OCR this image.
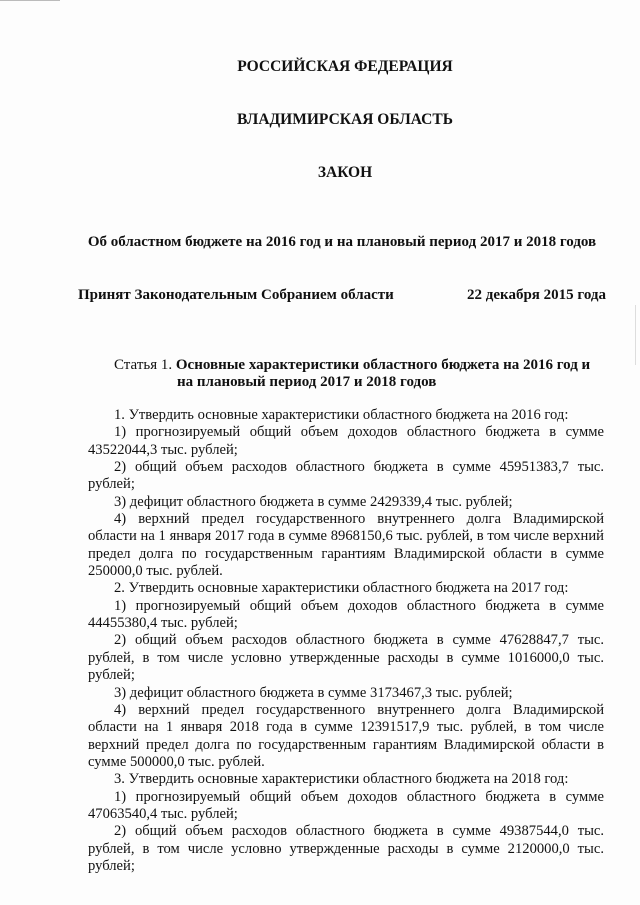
РОССИЙСКАЯ ФЕДЕРАЦИЯ
ВЛАДИМИРСКАЯ ОБЛАСТЬ
ЗАКОН
Об областном бюджете на 2016 год и на плановый период 2017 и 2018 годов
Принят Законодательным Собранием области	22 декабря 2015 года
Статья 1. Основные характеристики областного бюджета на 2016 год и
на плановый период 2017 и 2018 годов

1. Утвердить основные характеристики областного бюджета на 2016 год:

1) прогнозируемый общий объем доходов областного бюджета в сумме 43522044,3 тыс. рублей;

2) общий объем расходов областного бюджета в сумме 45951383,7 тыс. рублей;

3) дефицит областного бюджета в сумме 2429339,4 тыс. рублей;

4) верхний предел государственного внутреннего долга Владимирской области на 1 января 2017 года в сумме 8968150,6 тыс. рублей, в том числе верхний предел долга по государственным гарантиям Владимирской области в сумме 250000,0 тыс. рублей.

2. Утвердить основные характеристики областного бюджета на 2017 год:

1) прогнозируемый общий объем доходов областного бюджета в сумме 44455380,4 тыс. рублей;

2) общий объем расходов областного бюджета в сумме 47628847,7 тыс. рублей, в том числе условно утвержденные расходы в сумме 1016000,0 тыс. рублей;

3) дефицит областного бюджета в сумме 3173467,3 тыс. рублей;

4) верхний предел государственного внутреннего долга Владимирской области на 1 января 2018 года в сумме 12391517,9 тыс. рублей, в том числе верхний предел долга по государственным гарантиям Владимирской области в сумме 500000,0 тыс. рублей.

3. Утвердить основные характеристики областного бюджета на 2018 год:

1) прогнозируемый общий объем доходов областного бюджета в сумме 47063540,4 тыс. рублей;

2) общий объем расходов областного бюджета в сумме 49387544,0 тыс. рублей, в том числе условно утвержденные расходы в сумме 2120000,0 тыс. рублей;
